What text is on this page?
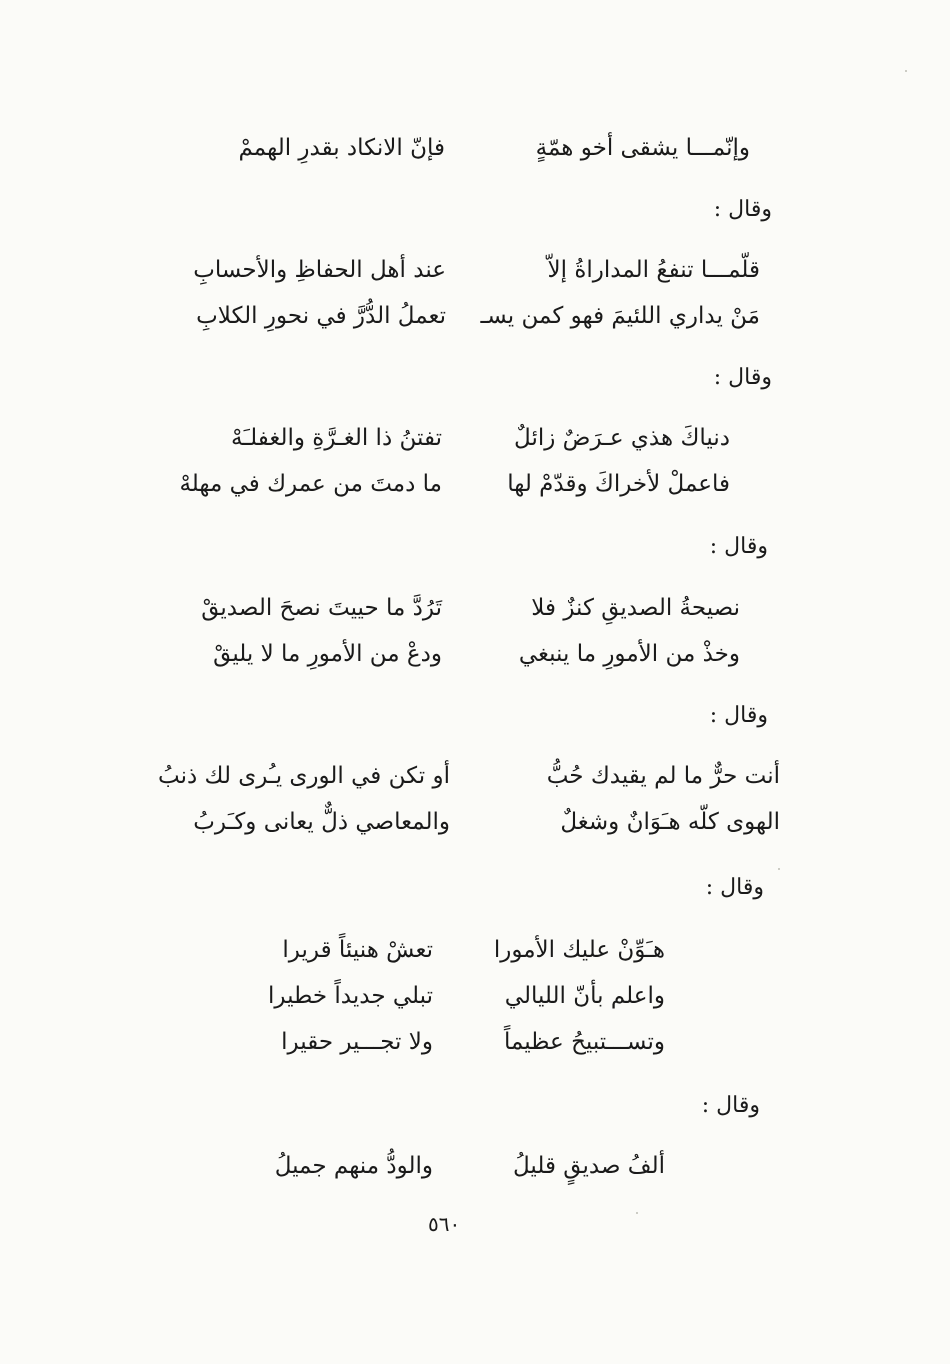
وإنّمـــا يشقى أخو همّةٍ
فإنّ الانكاد بقدرِ الهممْ
وقال :
قلّمـــا تنفعُ المداراةُ إلاّ
عند أهل الحفاظِ والأحسابِ
مَنْ يداري اللئيمَ فهو كمن يسـ
تعملُ الدُّرَّ في نحورِ الكلابِ
وقال :
دنياكَ هذي عـرَضٌ زائلٌ
تفتنُ ذا الغـرَّةِ والغفلـَهْ
فاعملْ لأخراكَ وقدّمْ لها
ما دمتَ من عمرك في مهلهْ
وقال :
نصيحةُ الصديقِ كنزٌ فلا
تَرُدَّ ما حييتَ نصحَ الصديقْ
وخذْ من الأمورِ ما ينبغي
ودعْ من الأمورِ ما لا يليقْ
وقال :
أنت حرٌّ ما لم يقيدك حُبُّ
أو تكن في الورى يـُرى لك ذنبُ
الهوى كلّه هـَوَانٌ وشغلٌ
والمعاصي ذلٌّ يعانى وكـَربُ
وقال :
هـَوِّنْ عليك الأمورا
تعشْ هنيئاً قريرا
واعلم بأنّ الليالي
تبلي جديداً خطيرا
وتســـتبيحُ عظيماً
ولا تجـــير حقيرا
وقال :
ألفُ صديقٍ قليلُ
والودُّ منهم جميلُ
٥٦٠
